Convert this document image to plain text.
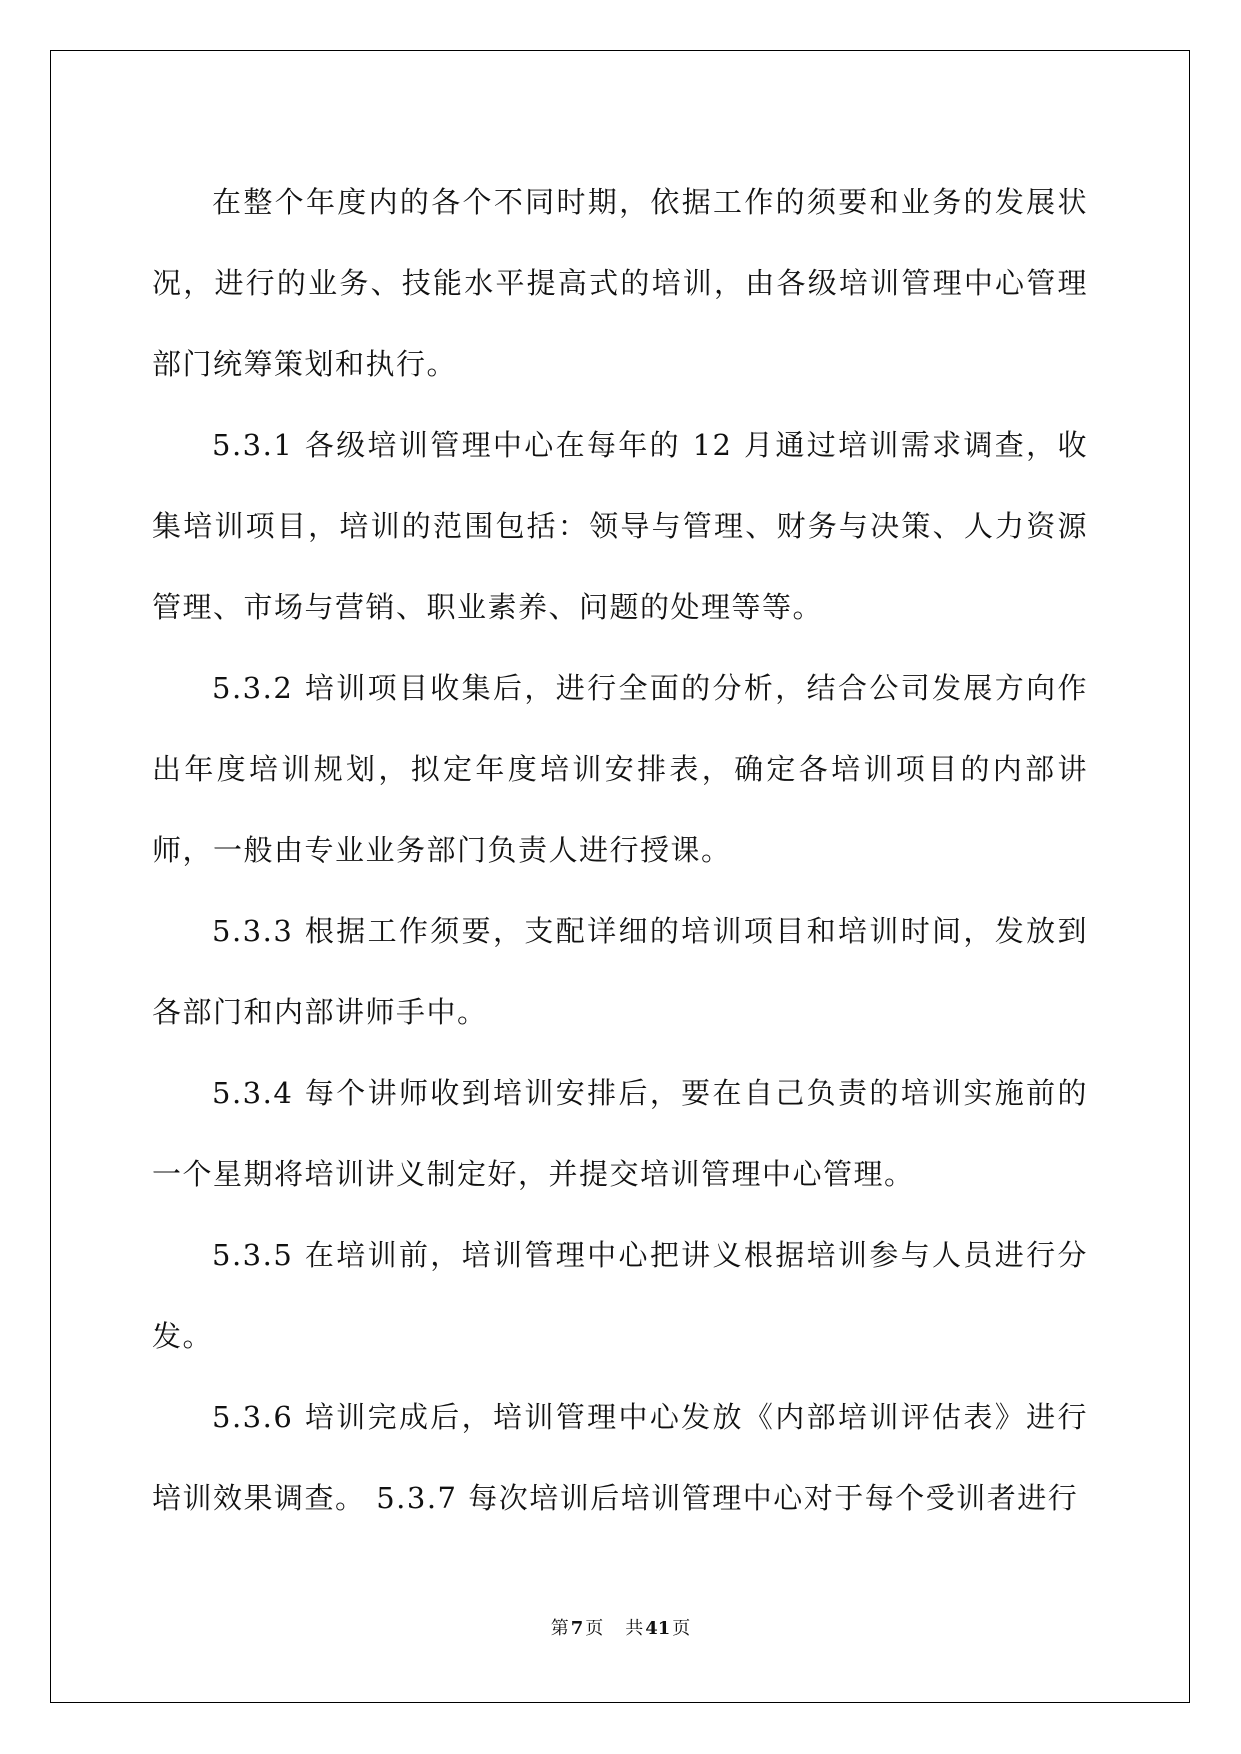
在整个年度内的各个不同时期，依据工作的须要和业务的发展状况，进行的业务、技能水平提高式的培训，由各级培训管理中心管理部门统筹策划和执行。

5.3.1 各级培训管理中心在每年的 12 月通过培训需求调查，收集培训项目，培训的范围包括：领导与管理、财务与决策、人力资源管理、市场与营销、职业素养、问题的处理等等。

5.3.2 培训项目收集后，进行全面的分析，结合公司发展方向作出年度培训规划，拟定年度培训安排表，确定各培训项目的内部讲师，一般由专业业务部门负责人进行授课。

5.3.3 根据工作须要，支配详细的培训项目和培训时间，发放到各部门和内部讲师手中。

5.3.4 每个讲师收到培训安排后，要在自己负责的培训实施前的一个星期将培训讲义制定好，并提交培训管理中心管理。

5.3.5 在培训前，培训管理中心把讲义根据培训参与人员进行分发。

5.3.6 培训完成后，培训管理中心发放《内部培训评估表》进行培训效果调查。 5.3.7 每次培训后培训管理中心对于每个受训者进行

第 7 页 共 41 页
